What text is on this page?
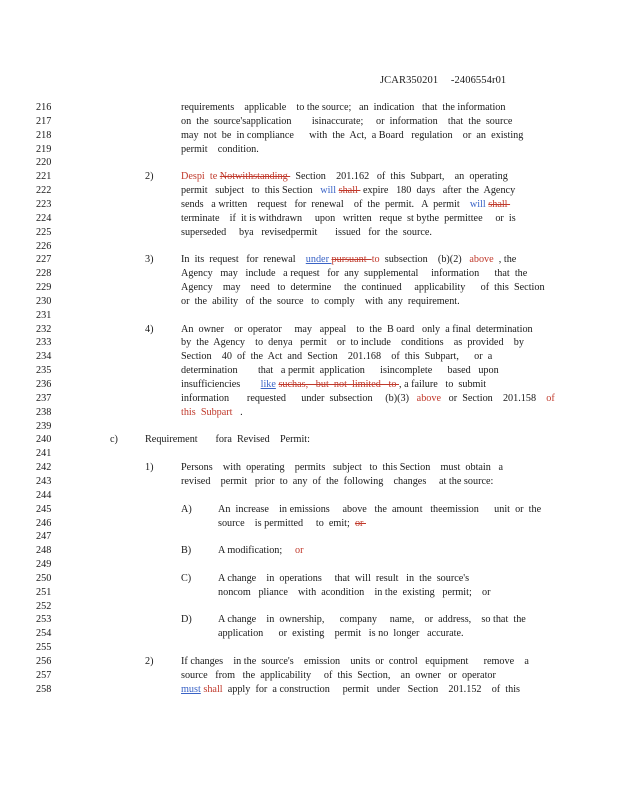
JCAR350201 -2406554r01
216	requirements    applicable    to the source;   an  indication   that  the information
217	on  the  source'sapplication        isinaccurate;     or  information    that  the  source
218	may  not  be  in compliance      with  the  Act,  a Board   regulation    or  an  existing
219	permit    condition.
220
221	2)	Despi  te Notwithstanding   Section    201.162   of  this  Subpart,    an  operating
222	permit   subject   to  this Section   will shall  expire   180  days   after  the  Agency
223	sends   a written    request   for  renewal    of  the  permit.   A  permit    will shall
224	terminate    if  it is withdrawn     upon   written   reque  st bythe  permittee     or  is
225	superseded     bya   revisedpermit       issued   for  the  source.
226
227	3)	In  its  request   for  renewal    under pursuant  to  subsection    (b)(2)   above  , the
228	Agency   may   include   a request   for  any  supplemental     information      that  the
229	Agency    may    need   to  determine     the  continued     applicability      of  this  Section
230	or  the  ability   of  the  source   to  comply    with  any  requirement.
231
232	4)	An  owner    or  operator     may   appeal    to  the  B oard   only  a final  determination
233	by  the  Agency    to  denya   permit    or  to include    conditions    as  provided    by
234	Section    40  of  the  Act  and  Section    201.168    of  this  Subpart,      or  a
235	determination        that   a permit  application      isincomplete      based   upon
236	insufficiencies        like suchas,   but  not  limited   to , a failure   to  submit
237	information       requested      under  subsection     (b)(3)   above   or  Section    201.158    of
238	this  Subpart   .
239
240	c)	Requirement       fora  Revised    Permit:
241
242	1)	Persons    with  operating    permits   subject   to  this Section    must  obtain   a
243	revised    permit   prior  to  any  of  the  following    changes     at the source:
244
245	A)	An  increase    in emissions     above   the  amount   theemission      unit  or  the
246	source    is permitted     to  emit;  or
247
248	B)	A modification;     or
249
250	C)	A change    in  operations     that  will  result   in  the  source's
251	noncom   pliance    with  acondition    in the  existing   permit;    or
252
253	D)	A change    in  ownership,      company     name,    or  address,    so that  the
254	application      or  existing    permit   is no  longer   accurate.
255
256	2)	If changes    in the  source's    emission    units  or  control   equipment      remove    a
257	source   from   the  applicability     of  this  Section,    an  owner   or  operator
258	must shall  apply  for  a construction     permit   under   Section    201.152    of  this
